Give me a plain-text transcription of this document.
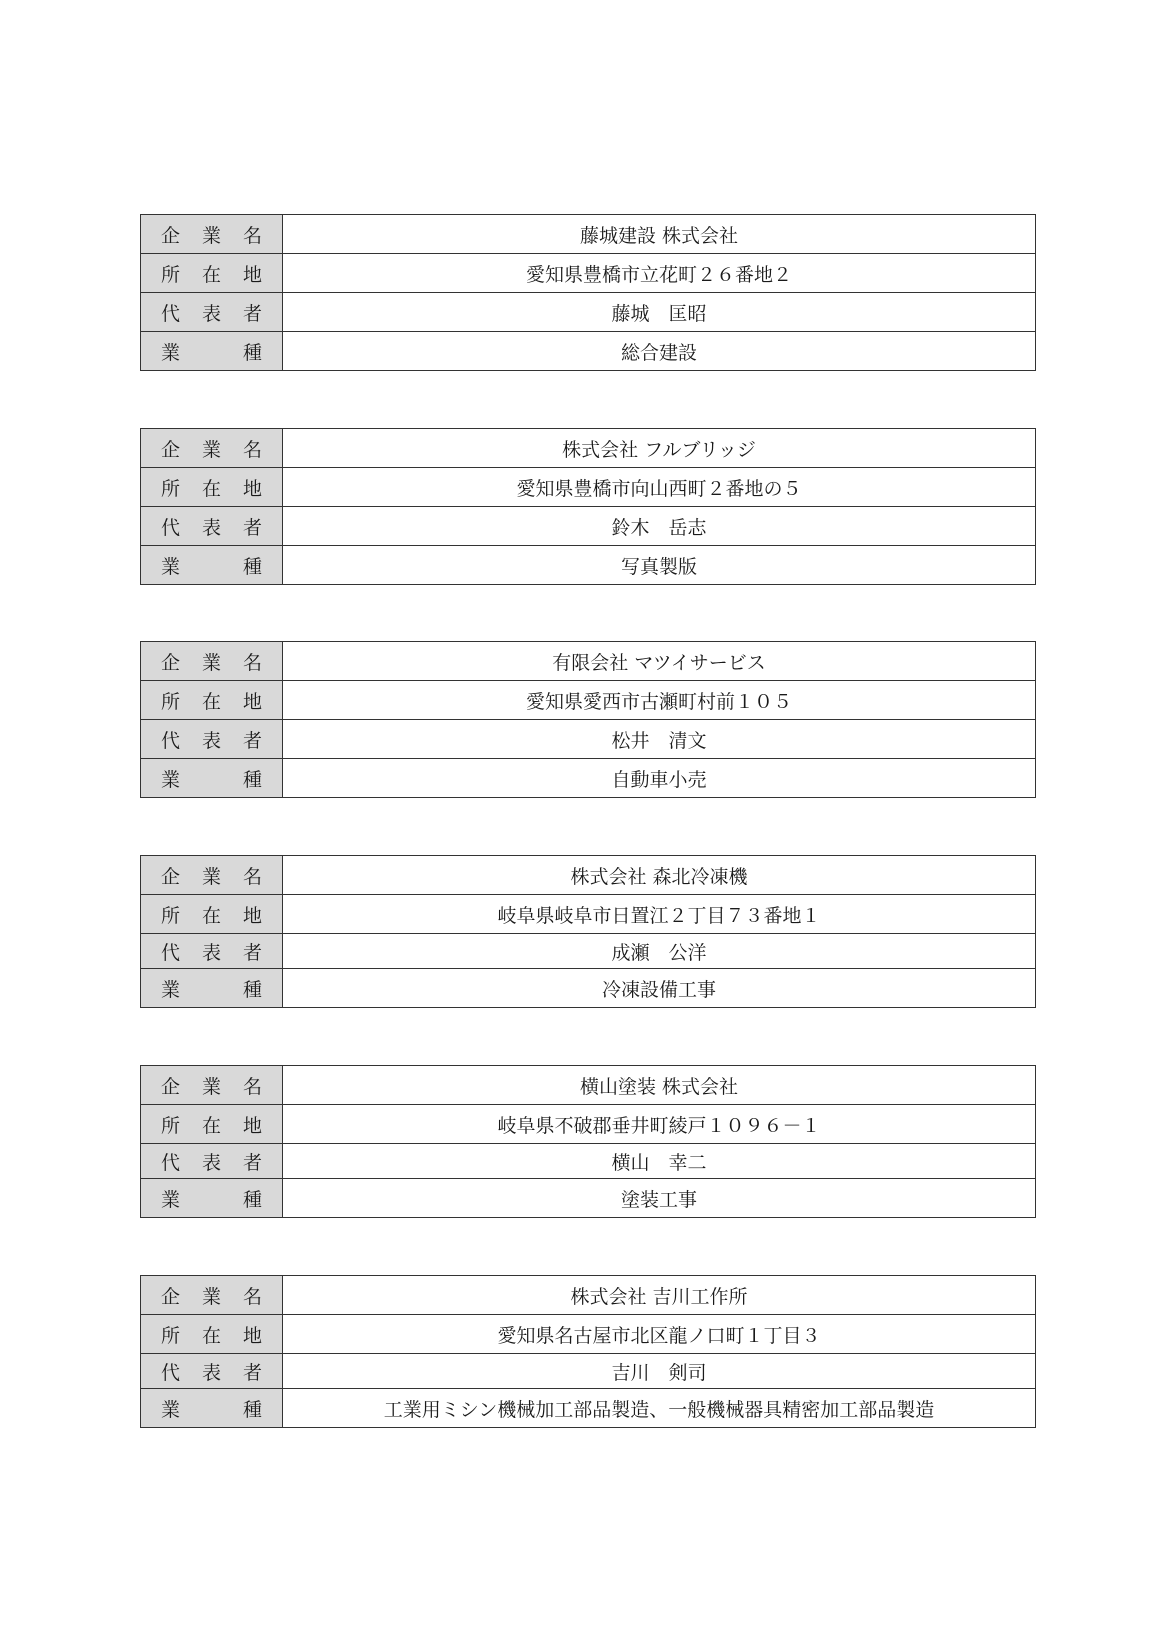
企業名	藤城建設 株式会社
所在地	愛知県豊橋市立花町２６番地２
代表者	藤城　匡昭
業種	総合建設
企業名	株式会社 フルブリッジ
所在地	愛知県豊橋市向山西町２番地の５
代表者	鈴木　岳志
業種	写真製版
企業名	有限会社 マツイサービス
所在地	愛知県愛西市古瀬町村前１０５
代表者	松井　清文
業種	自動車小売
企業名	株式会社 森北冷凍機
所在地	岐阜県岐阜市日置江２丁目７３番地１
代表者	成瀬　公洋
業種	冷凍設備工事
企業名	横山塗装 株式会社
所在地	岐阜県不破郡垂井町綾戸１０９６－１
代表者	横山　幸二
業種	塗装工事
企業名	株式会社 吉川工作所
所在地	愛知県名古屋市北区龍ノ口町１丁目３
代表者	吉川　剣司
業種	工業用ミシン機械加工部品製造、一般機械器具精密加工部品製造
